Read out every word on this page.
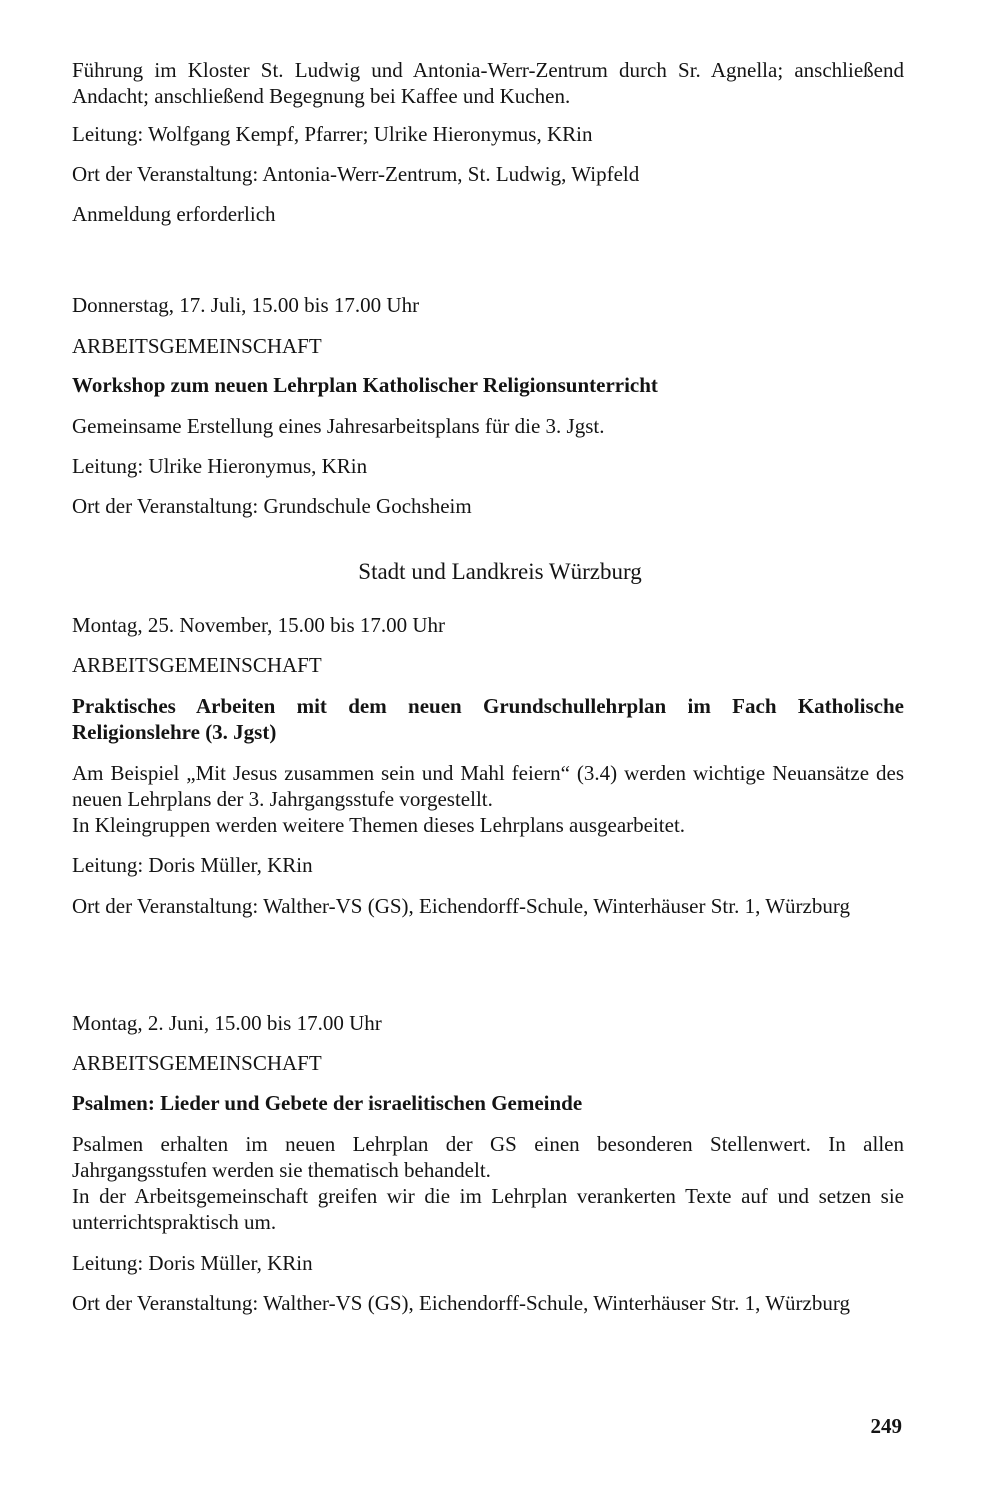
Führung im Kloster St. Ludwig und Antonia-Werr-Zentrum durch Sr. Agnella; anschließend Andacht; anschließend Begegnung bei Kaffee und Kuchen.
Leitung: Wolfgang Kempf, Pfarrer; Ulrike Hieronymus, KRin
Ort der Veranstaltung: Antonia-Werr-Zentrum, St. Ludwig, Wipfeld
Anmeldung erforderlich
Donnerstag, 17. Juli, 15.00 bis 17.00 Uhr
ARBEITSGEMEINSCHAFT
Workshop zum neuen Lehrplan Katholischer Religionsunterricht
Gemeinsame Erstellung eines Jahresarbeitsplans für die 3. Jgst.
Leitung: Ulrike Hieronymus, KRin
Ort der Veranstaltung: Grundschule Gochsheim
Stadt und Landkreis Würzburg
Montag, 25. November, 15.00 bis 17.00 Uhr
ARBEITSGEMEINSCHAFT
Praktisches Arbeiten mit dem neuen Grundschullehrplan im Fach Katholische Religionslehre (3. Jgst)
Am Beispiel „Mit Jesus zusammen sein und Mahl feiern“ (3.4) werden wichtige Neuansätze des neuen Lehrplans der 3. Jahrgangsstufe vorgestellt.
In Kleingruppen werden weitere Themen dieses Lehrplans ausgearbeitet.
Leitung: Doris Müller, KRin
Ort der Veranstaltung: Walther-VS (GS), Eichendorff-Schule, Winterhäuser Str. 1, Würzburg
Montag, 2. Juni, 15.00 bis 17.00 Uhr
ARBEITSGEMEINSCHAFT
Psalmen: Lieder und Gebete der israelitischen Gemeinde
Psalmen erhalten im neuen Lehrplan der GS einen besonderen Stellenwert. In allen Jahrgangsstufen werden sie thematisch behandelt.
In der Arbeitsgemeinschaft greifen wir die im Lehrplan verankerten Texte auf und setzen sie unterrichtspraktisch um.
Leitung: Doris Müller, KRin
Ort der Veranstaltung: Walther-VS (GS), Eichendorff-Schule, Winterhäuser Str. 1, Würzburg
249
